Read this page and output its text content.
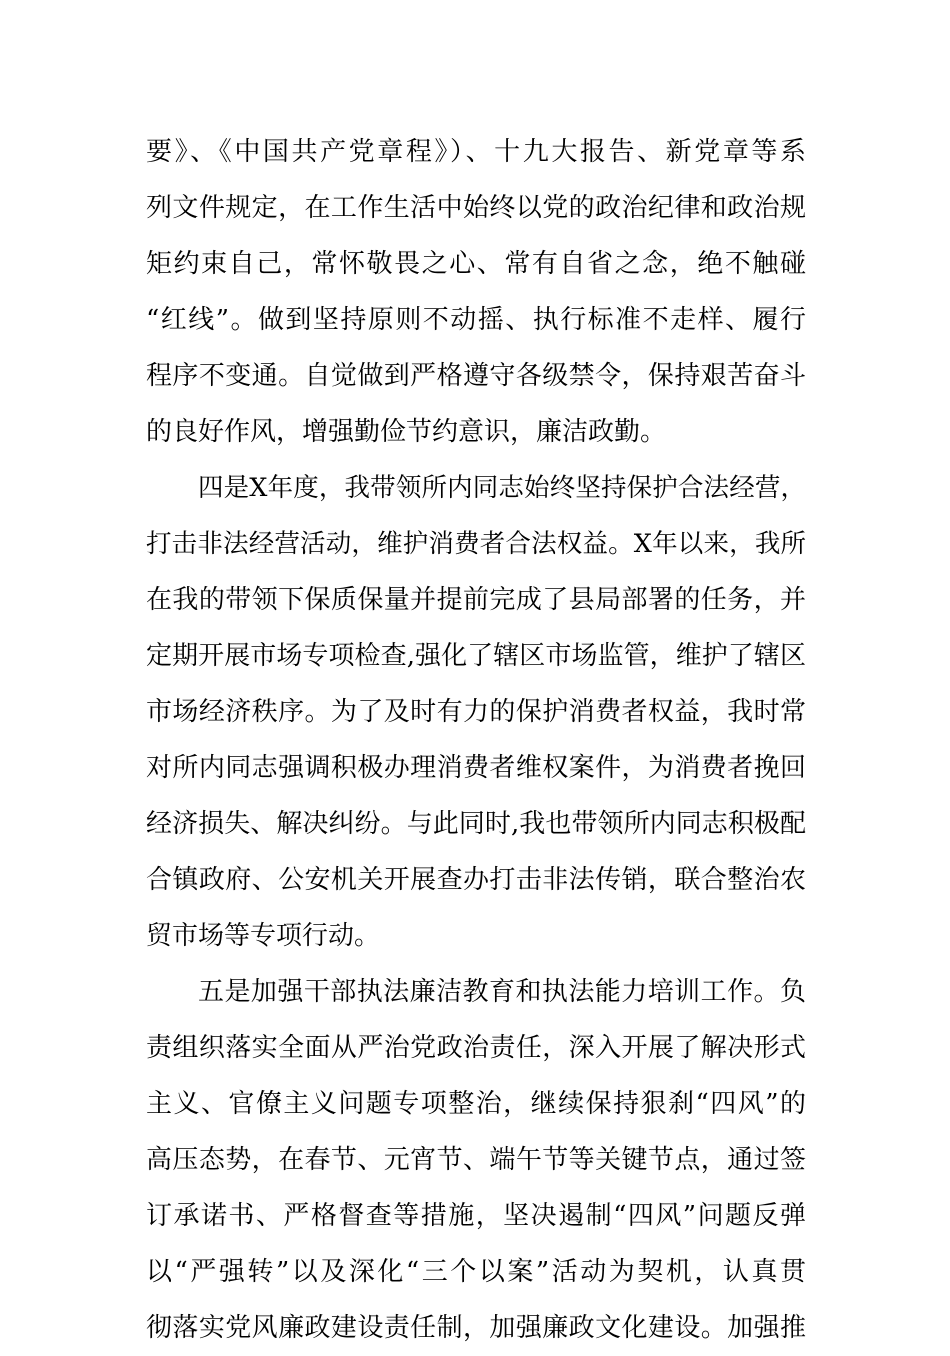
要》、《中国共产党章程》）、十九大报告、新党章等系
列文件规定，在工作生活中始终以党的政治纪律和政治规
矩约束自己，常怀敬畏之心、常有自省之念，绝不触碰
“红线”。做到坚持原则不动摇、执行标准不走样、履行
程序不变通。自觉做到严格遵守各级禁令，保持艰苦奋斗
的良好作风，增强勤俭节约意识，廉洁政勤。
四是X年度，我带领所内同志始终坚持保护合法经营，
打击非法经营活动，维护消费者合法权益。X年以来，我所
在我的带领下保质保量并提前完成了县局部署的任务，并
定期开展市场专项检查,强化了辖区市场监管，维护了辖区
市场经济秩序。为了及时有力的保护消费者权益，我时常
对所内同志强调积极办理消费者维权案件，为消费者挽回
经济损失、解决纠纷。与此同时,我也带领所内同志积极配
合镇政府、公安机关开展查办打击非法传销，联合整治农
贸市场等专项行动。
五是加强干部执法廉洁教育和执法能力培训工作。负
责组织落实全面从严治党政治责任，深入开展了解决形式
主义、官僚主义问题专项整治，继续保持狠刹“四风”的
高压态势，在春节、元宵节、端午节等关键节点，通过签
订承诺书、严格督查等措施，坚决遏制“四风”问题反弹
以“严强转”以及深化“三个以案”活动为契机，认真贯
彻落实党风廉政建设责任制，加强廉政文化建设。加强推
